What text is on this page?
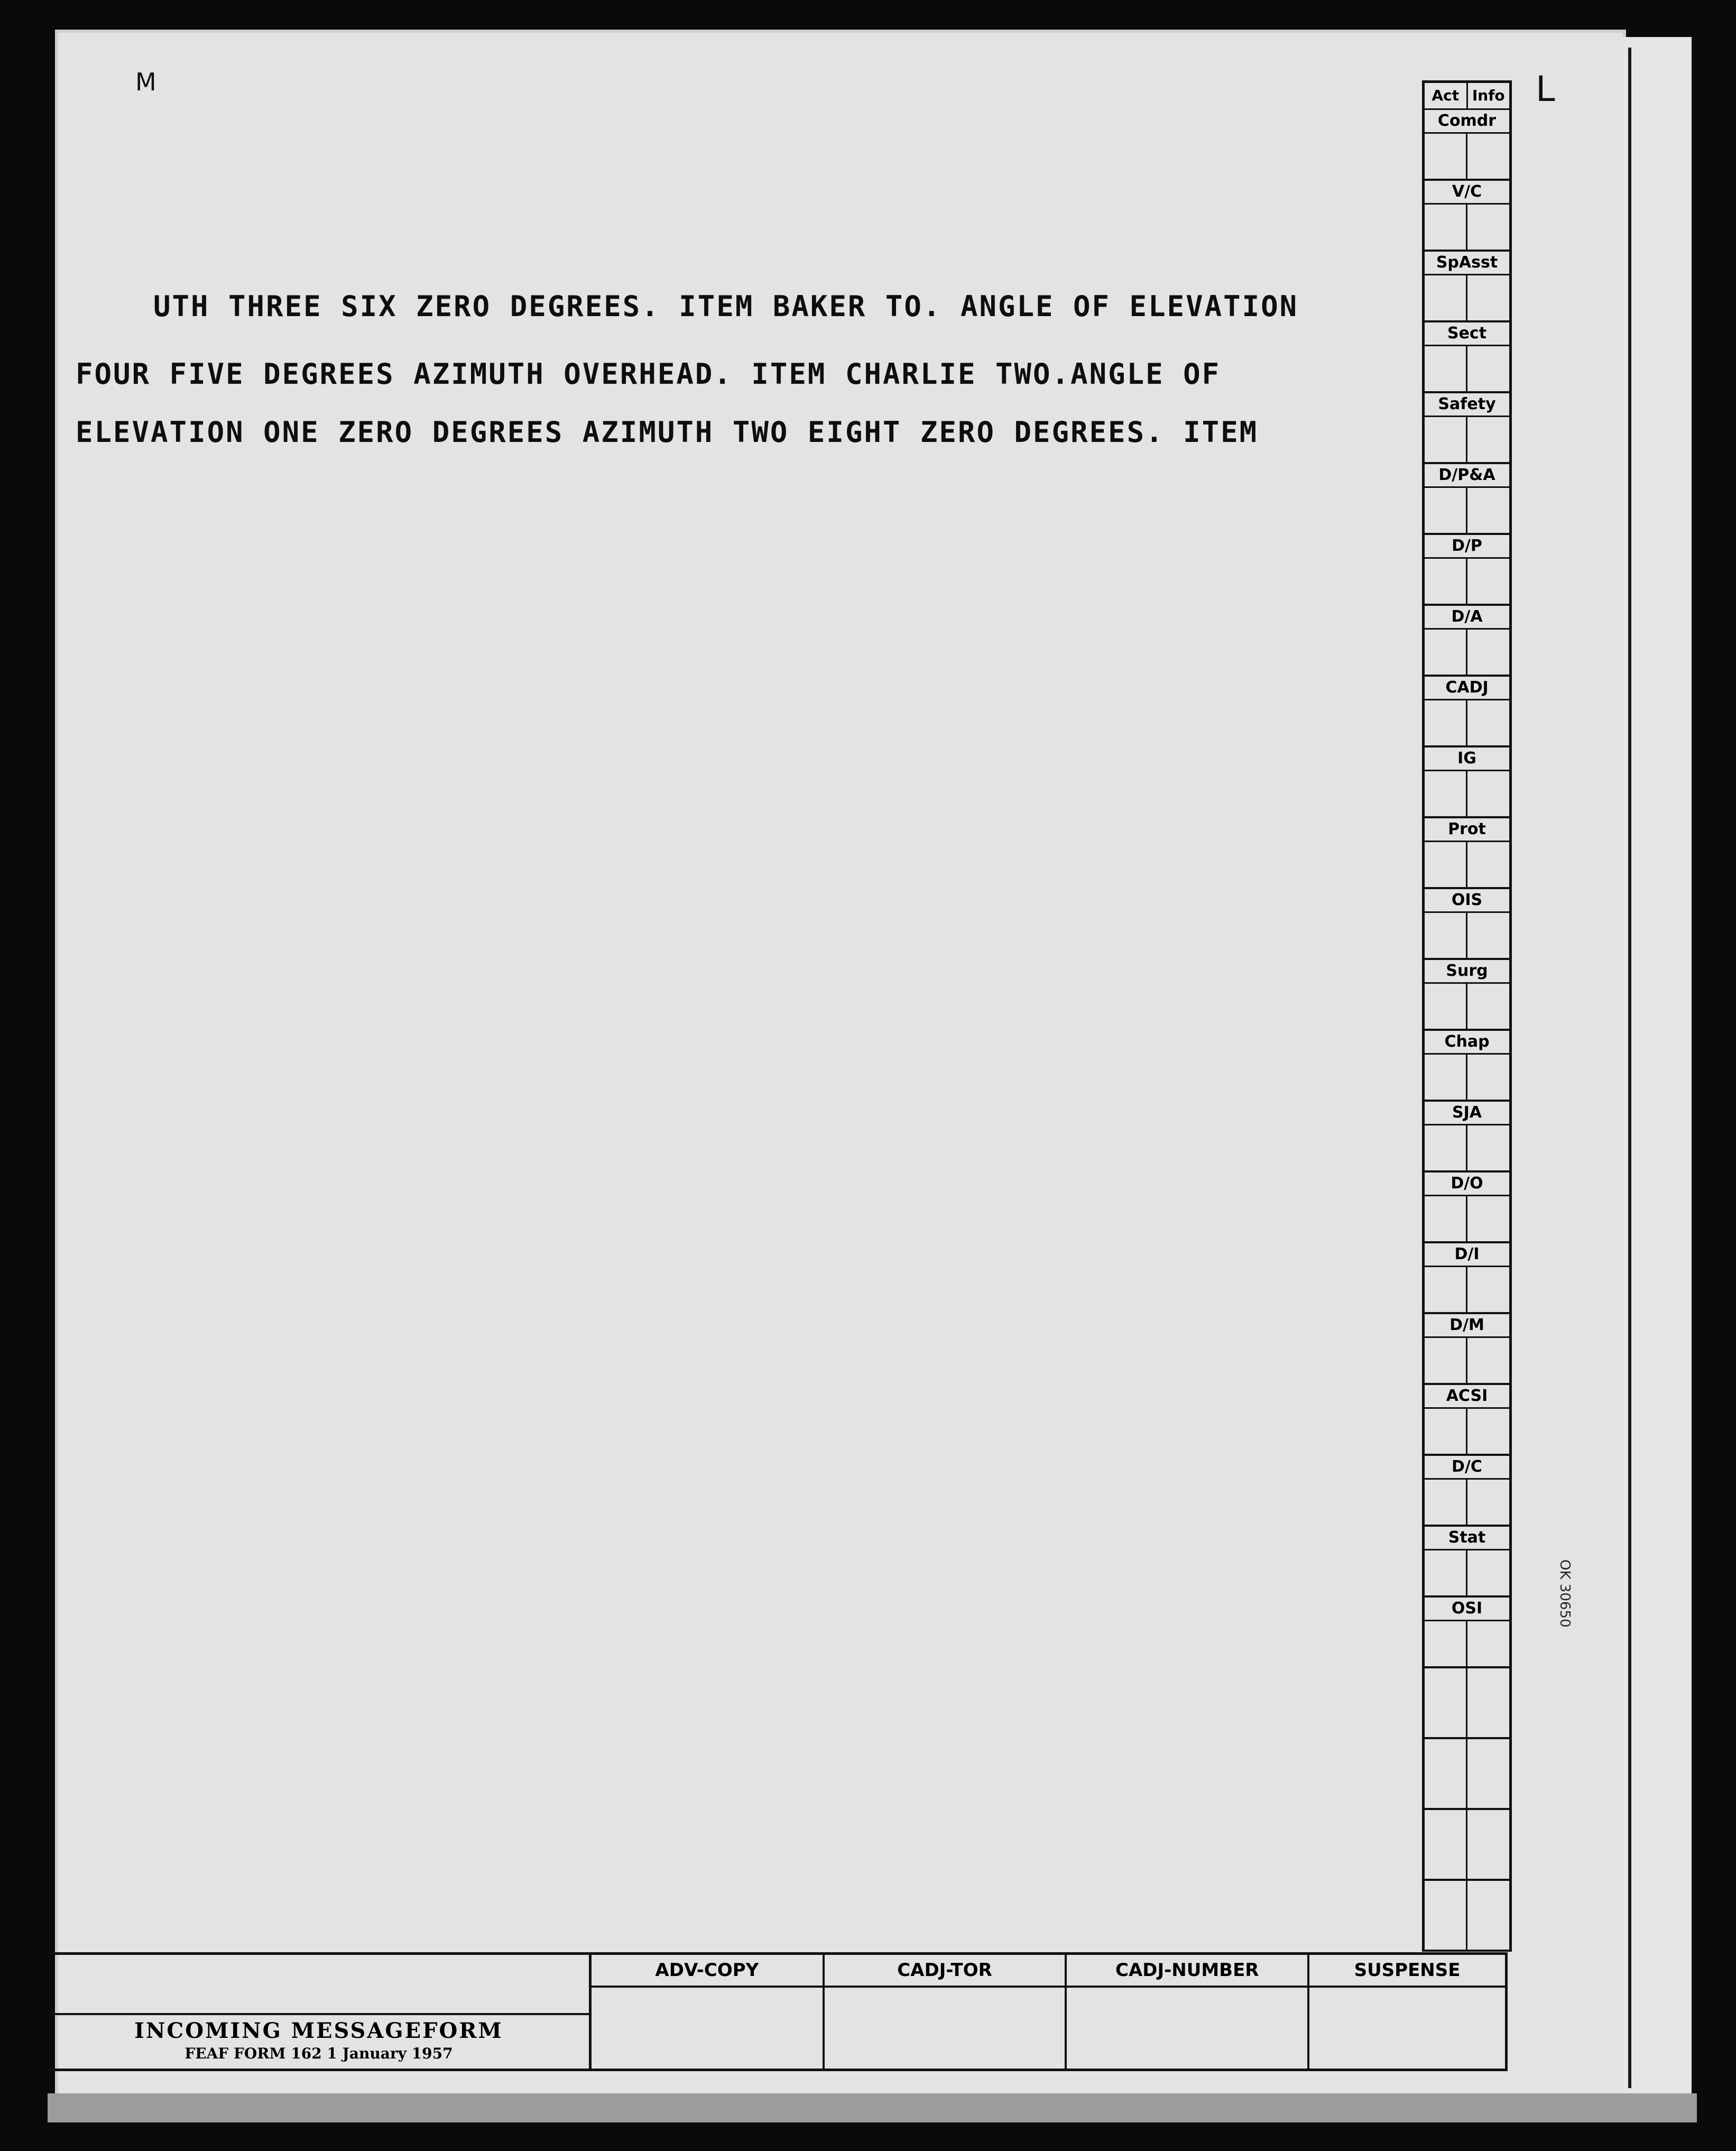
M	L
UTH THREE SIX ZERO DEGREES. ITEM BAKER TO. ANGLE OF ELEVATION
FOUR FIVE DEGREES AZIMUTH OVERHEAD. ITEM CHARLIE TWO.ANGLE OF
ELEVATION ONE ZERO DEGREES AZIMUTH TWO EIGHT ZERO DEGREES. ITEM
Act Info
Comdr
V/C
SpAsst
Sect
Safety
D/P&A
D/P
D/A
CADJ
IG
Prot
OIS
Surg
Chap
SJA
D/O
D/I
D/M
ACSI
D/C
Stat
OSI	OK 30650
INCOMING MESSAGEFORM
FEAF FORM 162 1 January 1957
ADV-COPY	CADJ-TOR	CADJ-NUMBER	SUSPENSE
